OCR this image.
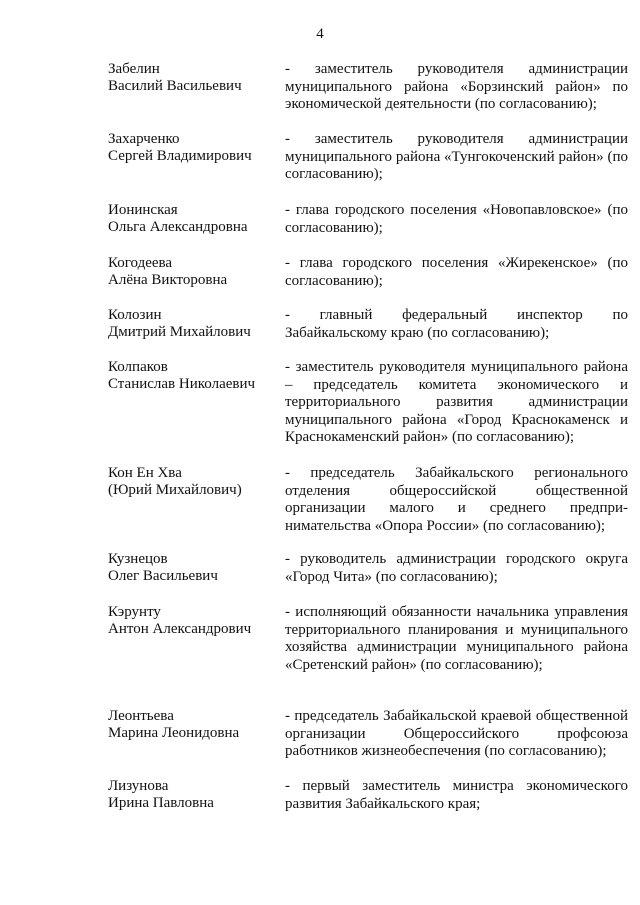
4
Забелин
Василий Васильевич
- заместитель руководителя администрации муниципального района «Борзинский район» по экономической деятельности (по согласованию);
Захарченко
Сергей Владимирович
- заместитель руководителя администрации муниципального района «Тунгокоченский район» (по согласованию);
Ионинская
Ольга Александровна
- глава городского поселения «Новопавловское» (по согласованию);
Когодеева
Алёна Викторовна
- глава городского поселения «Жирекенское» (по согласованию);
Колозин
Дмитрий Михайлович
- главный федеральный инспектор по Забайкальскому краю (по согласованию);
Колпаков
Станислав Николаевич
- заместитель руководителя муниципального района – председатель комитета экономического и территориального развития администрации муниципального района «Город Краснокаменск и Краснокаменский район» (по согласованию);
Кон Ен Хва
(Юрий Михайлович)
- председатель Забайкальского регионального отделения общероссийской общественной организации малого и среднего предпринимательства «Опора России» (по согласованию);
Кузнецов
Олег Васильевич
- руководитель администрации городского округа «Город Чита» (по согласованию);
Кэрунту
Антон Александрович
- исполняющий обязанности начальника управления территориального планирования и муниципального хозяйства администрации муниципального района «Сретенский район» (по согласованию);
Леонтьева
Марина Леонидовна
- председатель Забайкальской краевой общественной организации Общероссийского профсоюза работников жизнеобеспечения (по согласованию);
Лизунова
Ирина Павловна
- первый заместитель министра экономического развития Забайкальского края;
